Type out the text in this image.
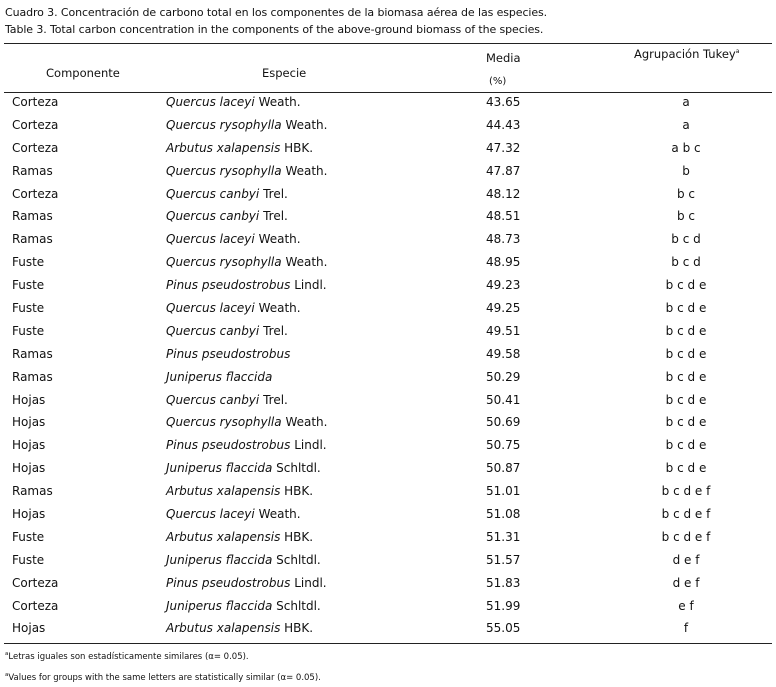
Cuadro 3. Concentración de carbono total en los componentes de la biomasa aérea de las especies.
Table 3. Total carbon concentration in the components of the above-ground biomass of the species.
Componente	Especie
Media
(%)
Agrupación Tukey$^a$
Corteza	Quercus laceyi Weath.	43.65	a
Corteza	Quercus rysophylla Weath.	44.43	a
Corteza	Arbutus xalapensis HBK.	47.32	a b c
Ramas	Quercus rysophylla Weath.	47.87	b
Corteza	Quercus canbyi Trel.	48.12	b c
Ramas	Quercus canbyi Trel.	48.51	b c
Ramas	Quercus laceyi Weath.	48.73	b c d
Fuste	Quercus rysophylla Weath.	48.95	b c d
Fuste	Pinus pseudostrobus Lindl.	49.23	b c d e
Fuste	Quercus laceyi Weath.	49.25	b c d e
Fuste	Quercus canbyi Trel.	49.51	b c d e
Ramas	Pinus pseudostrobus	49.58	b c d e
Ramas	Juniperus flaccida	50.29	b c d e
Hojas	Quercus canbyi Trel.	50.41	b c d e
Hojas	Quercus rysophylla Weath.	50.69	b c d e
Hojas	Pinus pseudostrobus Lindl.	50.75	b c d e
Hojas	Juniperus flaccida Schltdl.	50.87	b c d e
Ramas	Arbutus xalapensis HBK.	51.01	b c d e f
Hojas	Quercus laceyi Weath.	51.08	b c d e f
Fuste	Arbutus xalapensis HBK.	51.31	b c d e f
Fuste	Juniperus flaccida Schltdl.	51.57	d e f
Corteza	Pinus pseudostrobus Lindl.	51.83	d e f
Corteza	Juniperus flaccida Schltdl.	51.99	e f
Hojas	Arbutus xalapensis HBK.	55.05	f
$^a$Letras iguales son estadísticamente similares (α= 0.05).
$^a$Values for groups with the same letters are statistically similar (α= 0.05).
